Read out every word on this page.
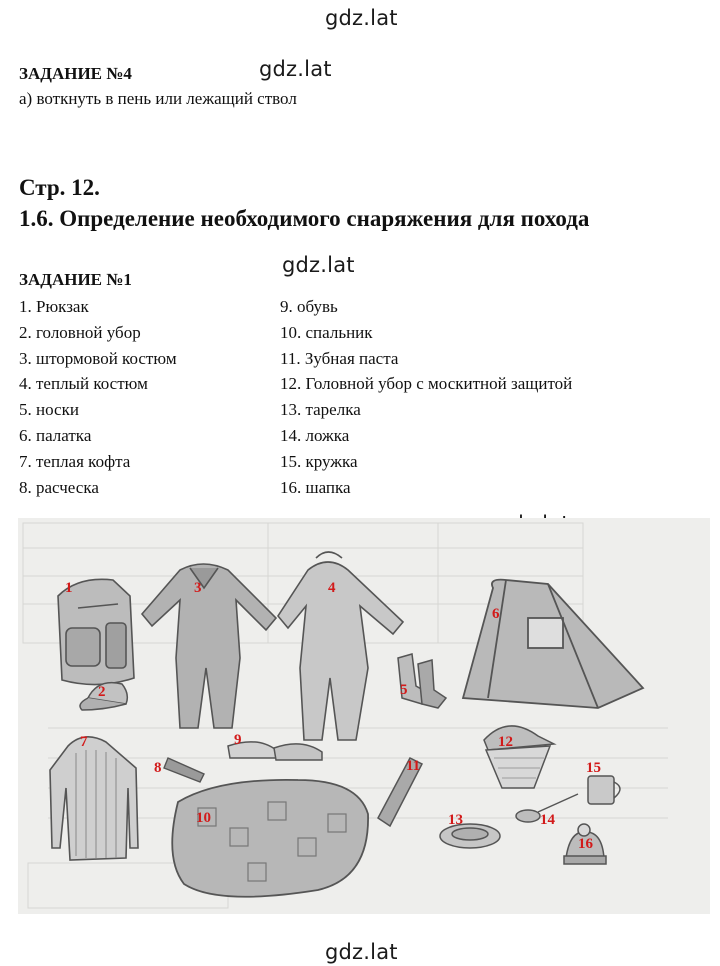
gdz.lat
gdz.lat
gdz.lat
gdz.lat
ЗАДАНИЕ №4
а) воткнуть в пень или лежащий ствол
Стр. 12.
1.6. Определение необходимого снаряжения для похода
ЗАДАНИЕ №1
1. Рюкзак
2. головной убор
3. штормовой костюм
4. теплый костюм
5. носки
6. палатка
7. теплая кофта
8. расческа
9. обувь
10. спальник
11. Зубная паста
12. Головной убор с москитной защитой
13. тарелка
14. ложка
15. кружка
16. шапка
1
2
3	4
5
6
7
8
9
10
11
12
13	14
15
16
